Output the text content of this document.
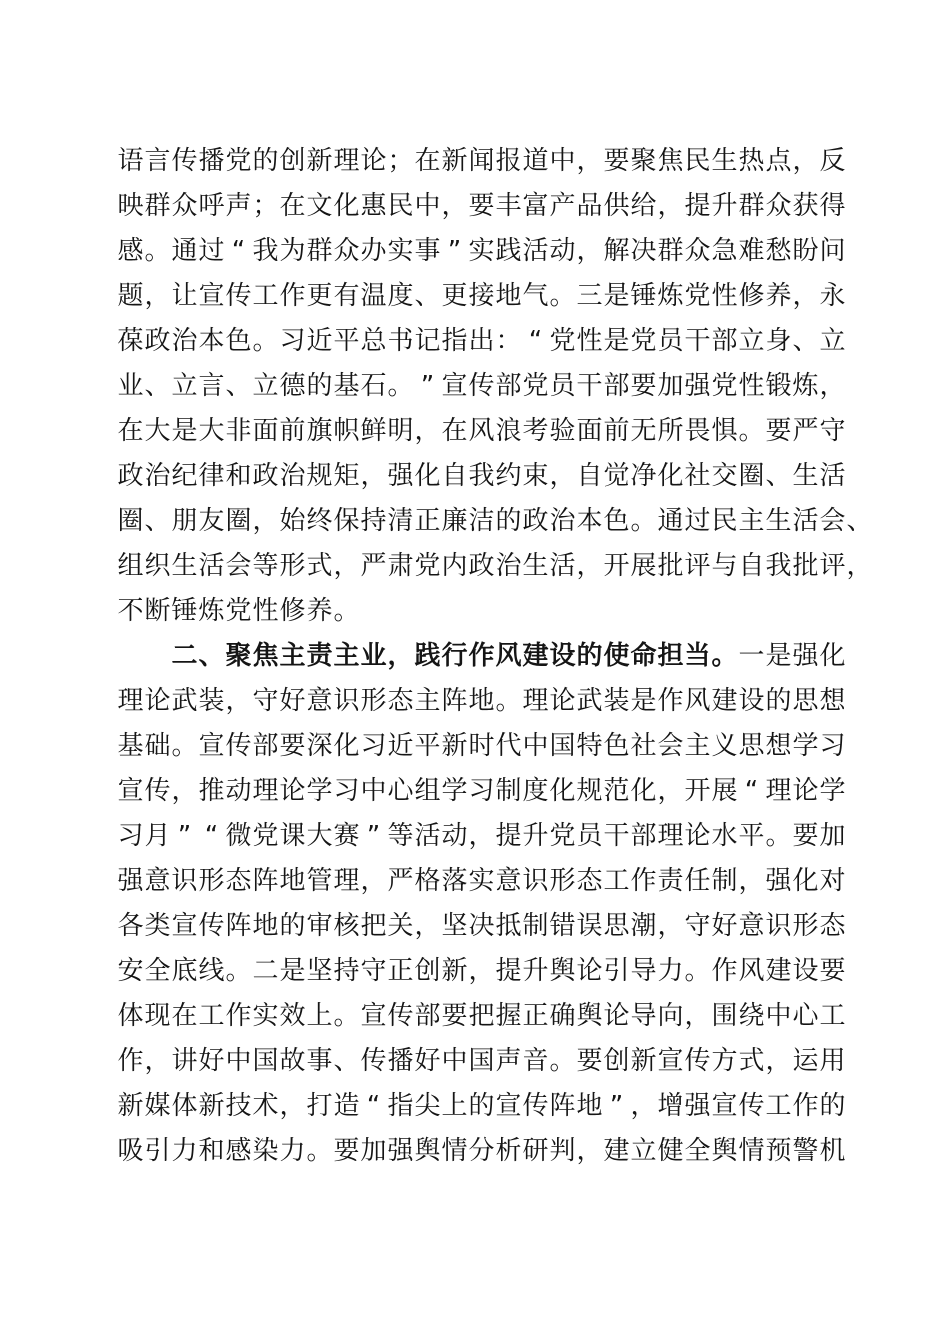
语言传播党的创新理论；在新闻报道中，要聚焦民生热点，反
映群众呼声；在文化惠民中，要丰富产品供给，提升群众获得
感。通过 “ 我为群众办实事 ” 实践活动，解决群众急难愁盼问
题，让宣传工作更有温度、更接地气。三是锤炼党性修养，永
葆政治本色。习近平总书记指出： “ 党性是党员干部立身、立
业、立言、立德的基石。 ” 宣传部党员干部要加强党性锻炼，
在大是大非面前旗帜鲜明，在风浪考验面前无所畏惧。要严守
政治纪律和政治规矩，强化自我约束，自觉净化社交圈、生活
圈、朋友圈，始终保持清正廉洁的政治本色。通过民主生活会、
组织生活会等形式，严肃党内政治生活，开展批评与自我批评，
不断锤炼党性修养。
二、聚焦主责主业，践行作风建设的使命担当。一是强化
理论武装，守好意识形态主阵地。理论武装是作风建设的思想
基础。宣传部要深化习近平新时代中国特色社会主义思想学习
宣传，推动理论学习中心组学习制度化规范化，开展 “ 理论学
习月 ” “ 微党课大赛 ” 等活动，提升党员干部理论水平。要加
强意识形态阵地管理，严格落实意识形态工作责任制，强化对
各类宣传阵地的审核把关，坚决抵制错误思潮，守好意识形态
安全底线。二是坚持守正创新，提升舆论引导力。作风建设要
体现在工作实效上。宣传部要把握正确舆论导向，围绕中心工
作，讲好中国故事、传播好中国声音。要创新宣传方式，运用
新媒体新技术，打造 “ 指尖上的宣传阵地 ” ，增强宣传工作的
吸引力和感染力。要加强舆情分析研判，建立健全舆情预警机
